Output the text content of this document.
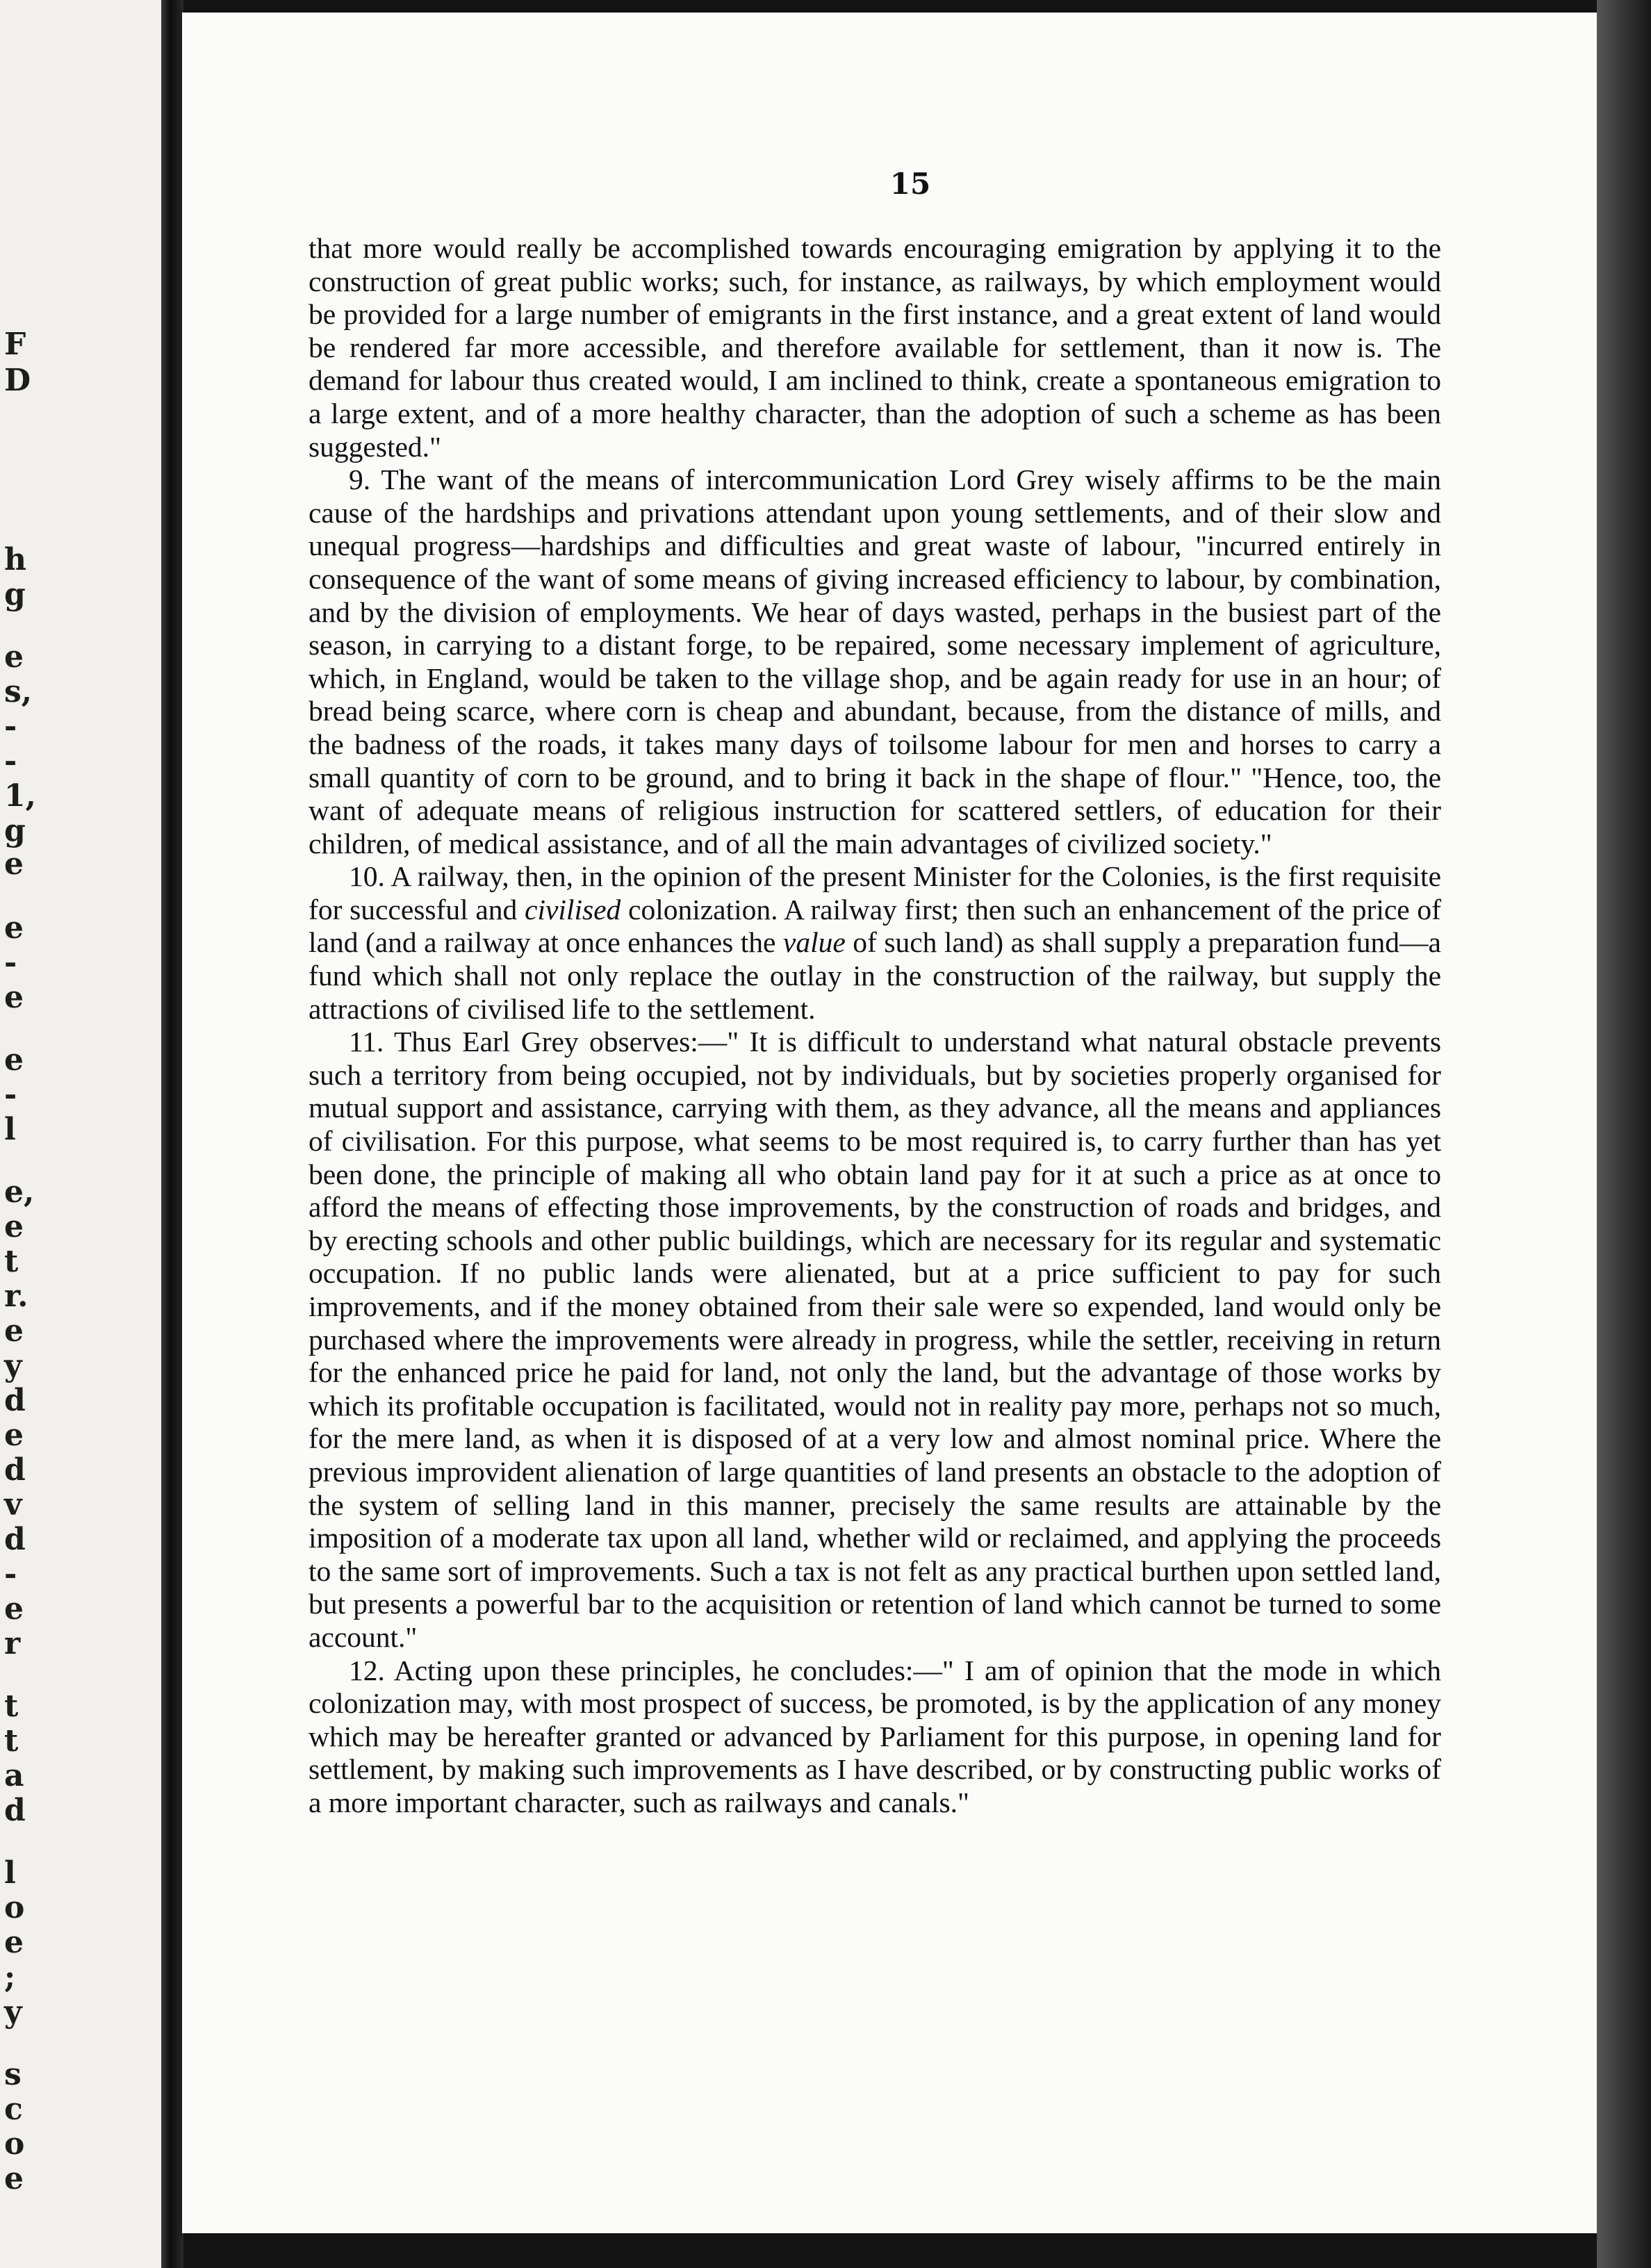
F
D
h
g
e
s,
-
-
1,
g
e
e
-
e
e
-
l
e,
e
t
r.
e
y
d
e
d
v
d
-
e
r
t
t
a
d
l
o
e
;
y
s
c
o
e
15

that more would really be accomplished towards encouraging emigration by applying it to the construction of great public works; such, for instance, as railways, by which employment would be provided for a large number of emigrants in the first instance, and a great extent of land would be rendered far more accessible, and therefore available for settlement, than it now is. The demand for labour thus created would, I am inclined to think, create a spontaneous emigration to a large extent, and of a more healthy character, than the adoption of such a scheme as has been suggested."

9. The want of the means of intercommunication Lord Grey wisely affirms to be the main cause of the hardships and privations attendant upon young settlements, and of their slow and unequal progress—hardships and difficulties and great waste of labour, "incurred entirely in consequence of the want of some means of giving increased efficiency to labour, by combination, and by the division of employments. We hear of days wasted, perhaps in the busiest part of the season, in carrying to a distant forge, to be repaired, some necessary implement of agriculture, which, in England, would be taken to the village shop, and be again ready for use in an hour; of bread being scarce, where corn is cheap and abundant, because, from the distance of mills, and the badness of the roads, it takes many days of toilsome labour for men and horses to carry a small quantity of corn to be ground, and to bring it back in the shape of flour." "Hence, too, the want of adequate means of religious instruction for scattered settlers, of education for their children, of medical assistance, and of all the main advantages of civilized society."

10. A railway, then, in the opinion of the present Minister for the Colonies, is the first requisite for successful and civilised colonization. A railway first; then such an enhancement of the price of land (and a railway at once enhances the value of such land) as shall supply a preparation fund—a fund which shall not only replace the outlay in the construction of the railway, but supply the attractions of civilised life to the settlement.

11. Thus Earl Grey observes:—" It is difficult to understand what natural obstacle prevents such a territory from being occupied, not by individuals, but by societies properly organised for mutual support and assistance, carrying with them, as they advance, all the means and appliances of civilisation. For this purpose, what seems to be most required is, to carry further than has yet been done, the principle of making all who obtain land pay for it at such a price as at once to afford the means of effecting those improvements, by the construction of roads and bridges, and by erecting schools and other public buildings, which are necessary for its regular and systematic occupation. If no public lands were alienated, but at a price sufficient to pay for such improvements, and if the money obtained from their sale were so expended, land would only be purchased where the improvements were already in progress, while the settler, receiving in return for the enhanced price he paid for land, not only the land, but the advantage of those works by which its profitable occupation is facilitated, would not in reality pay more, perhaps not so much, for the mere land, as when it is disposed of at a very low and almost nominal price. Where the previous improvident alienation of large quantities of land presents an obstacle to the adoption of the system of selling land in this manner, precisely the same results are attainable by the imposition of a moderate tax upon all land, whether wild or reclaimed, and applying the proceeds to the same sort of improvements. Such a tax is not felt as any practical burthen upon settled land, but presents a powerful bar to the acquisition or retention of land which cannot be turned to some account."

12. Acting upon these principles, he concludes:—" I am of opinion that the mode in which colonization may, with most prospect of success, be promoted, is by the application of any money which may be hereafter granted or advanced by Parliament for this purpose, in opening land for settlement, by making such improvements as I have described, or by constructing public works of a more important character, such as railways and canals."
